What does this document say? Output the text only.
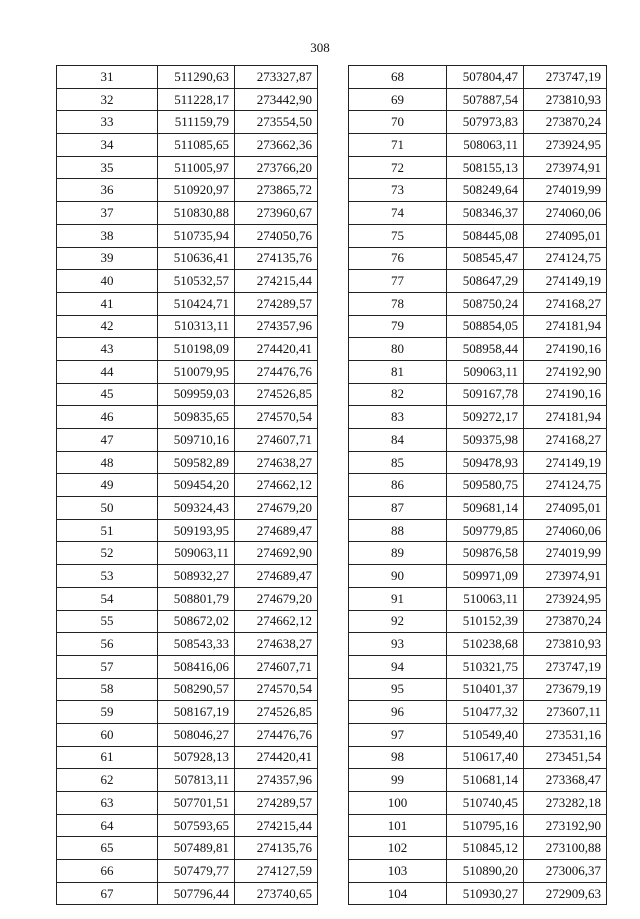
308
31	511290,63	273327,87
32	511228,17	273442,90
33	511159,79	273554,50
34	511085,65	273662,36
35	511005,97	273766,20
36	510920,97	273865,72
37	510830,88	273960,67
38	510735,94	274050,76
39	510636,41	274135,76
40	510532,57	274215,44
41	510424,71	274289,57
42	510313,11	274357,96
43	510198,09	274420,41
44	510079,95	274476,76
45	509959,03	274526,85
46	509835,65	274570,54
47	509710,16	274607,71
48	509582,89	274638,27
49	509454,20	274662,12
50	509324,43	274679,20
51	509193,95	274689,47
52	509063,11	274692,90
53	508932,27	274689,47
54	508801,79	274679,20
55	508672,02	274662,12
56	508543,33	274638,27
57	508416,06	274607,71
58	508290,57	274570,54
59	508167,19	274526,85
60	508046,27	274476,76
61	507928,13	274420,41
62	507813,11	274357,96
63	507701,51	274289,57
64	507593,65	274215,44
65	507489,81	274135,76
66	507479,77	274127,59
67	507796,44	273740,65
68	507804,47	273747,19
69	507887,54	273810,93
70	507973,83	273870,24
71	508063,11	273924,95
72	508155,13	273974,91
73	508249,64	274019,99
74	508346,37	274060,06
75	508445,08	274095,01
76	508545,47	274124,75
77	508647,29	274149,19
78	508750,24	274168,27
79	508854,05	274181,94
80	508958,44	274190,16
81	509063,11	274192,90
82	509167,78	274190,16
83	509272,17	274181,94
84	509375,98	274168,27
85	509478,93	274149,19
86	509580,75	274124,75
87	509681,14	274095,01
88	509779,85	274060,06
89	509876,58	274019,99
90	509971,09	273974,91
91	510063,11	273924,95
92	510152,39	273870,24
93	510238,68	273810,93
94	510321,75	273747,19
95	510401,37	273679,19
96	510477,32	273607,11
97	510549,40	273531,16
98	510617,40	273451,54
99	510681,14	273368,47
100	510740,45	273282,18
101	510795,16	273192,90
102	510845,12	273100,88
103	510890,20	273006,37
104	510930,27	272909,63
